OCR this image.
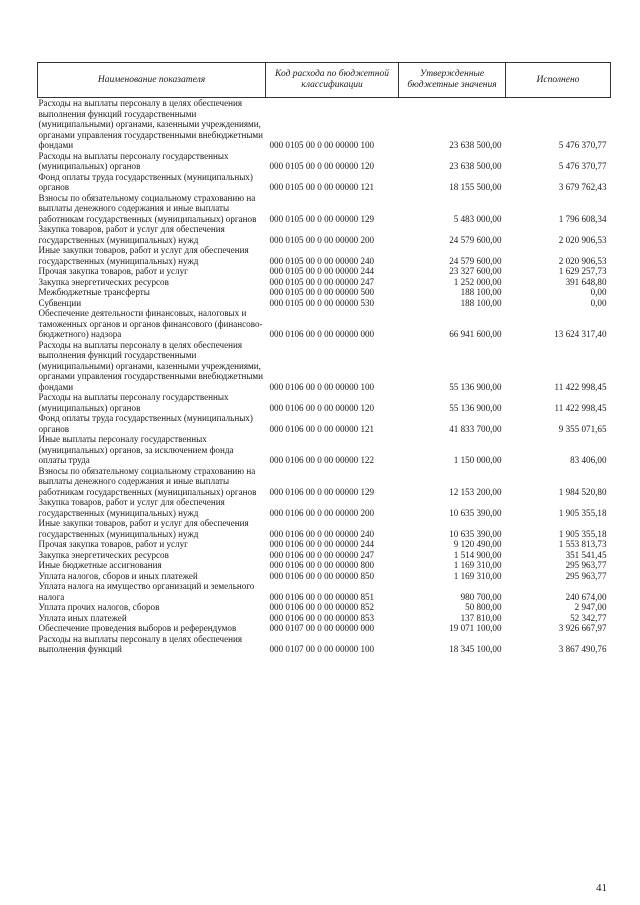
Наименование показателя	Код расхода по бюджетной классификации	Утвержденные бюджетные значения	Исполнено
Расходы на выплаты персоналу в целях обеспечения выполнения функций государственными (муниципальными) органами, казенными учреждениями, органами управления государственными внебюджетными фондами	000 0105 00 0 00 00000 100	23 638 500,00	5 476 370,77
Расходы на выплаты персоналу государственных (муниципальных) органов	000 0105 00 0 00 00000 120	23 638 500,00	5 476 370,77
Фонд оплаты труда государственных (муниципальных) органов	000 0105 00 0 00 00000 121	18 155 500,00	3 679 762,43
Взносы по обязательному социальному страхованию на выплаты денежного содержания и иные выплаты работникам государственных (муниципальных) органов	000 0105 00 0 00 00000 129	5 483 000,00	1 796 608,34
Закупка товаров, работ и услуг для обеспечения государственных (муниципальных) нужд	000 0105 00 0 00 00000 200	24 579 600,00	2 020 906,53
Иные закупки товаров, работ и услуг для обеспечения государственных (муниципальных) нужд	000 0105 00 0 00 00000 240	24 579 600,00	2 020 906,53
Прочая закупка товаров, работ и услуг	000 0105 00 0 00 00000 244	23 327 600,00	1 629 257,73
Закупка энергетических ресурсов	000 0105 00 0 00 00000 247	1 252 000,00	391 648,80
Межбюджетные трансферты	000 0105 00 0 00 00000 500	188 100,00	0,00
Субвенции	000 0105 00 0 00 00000 530	188 100,00	0,00
Обеспечение деятельности финансовых, налоговых и таможенных органов и органов финансового (финансово-бюджетного) надзора	000 0106 00 0 00 00000 000	66 941 600,00	13 624 317,40
Расходы на выплаты персоналу в целях обеспечения выполнения функций государственными (муниципальными) органами, казенными учреждениями, органами управления государственными внебюджетными фондами	000 0106 00 0 00 00000 100	55 136 900,00	11 422 998,45
Расходы на выплаты персоналу государственных (муниципальных) органов	000 0106 00 0 00 00000 120	55 136 900,00	11 422 998,45
Фонд оплаты труда государственных (муниципальных) органов	000 0106 00 0 00 00000 121	41 833 700,00	9 355 071,65
Иные выплаты персоналу государственных (муниципальных) органов, за исключением фонда оплаты труда	000 0106 00 0 00 00000 122	1 150 000,00	83 406,00
Взносы по обязательному социальному страхованию на выплаты денежного содержания и иные выплаты работникам государственных (муниципальных) органов	000 0106 00 0 00 00000 129	12 153 200,00	1 984 520,80
Закупка товаров, работ и услуг для обеспечения государственных (муниципальных) нужд	000 0106 00 0 00 00000 200	10 635 390,00	1 905 355,18
Иные закупки товаров, работ и услуг для обеспечения государственных (муниципальных) нужд	000 0106 00 0 00 00000 240	10 635 390,00	1 905 355,18
Прочая закупка товаров, работ и услуг	000 0106 00 0 00 00000 244	9 120 490,00	1 553 813,73
Закупка энергетических ресурсов	000 0106 00 0 00 00000 247	1 514 900,00	351 541,45
Иные бюджетные ассигнования	000 0106 00 0 00 00000 800	1 169 310,00	295 963,77
Уплата налогов, сборов и иных платежей	000 0106 00 0 00 00000 850	1 169 310,00	295 963,77
Уплата налога на имущество организаций и земельного налога	000 0106 00 0 00 00000 851	980 700,00	240 674,00
Уплата прочих налогов, сборов	000 0106 00 0 00 00000 852	50 800,00	2 947,00
Уплата иных платежей	000 0106 00 0 00 00000 853	137 810,00	52 342,77
Обеспечение проведения выборов и референдумов	000 0107 00 0 00 00000 000	19 071 100,00	3 926 667,97
Расходы на выплаты персоналу в целях обеспечения выполнения функций	000 0107 00 0 00 00000 100	18 345 100,00	3 867 490,76
41
